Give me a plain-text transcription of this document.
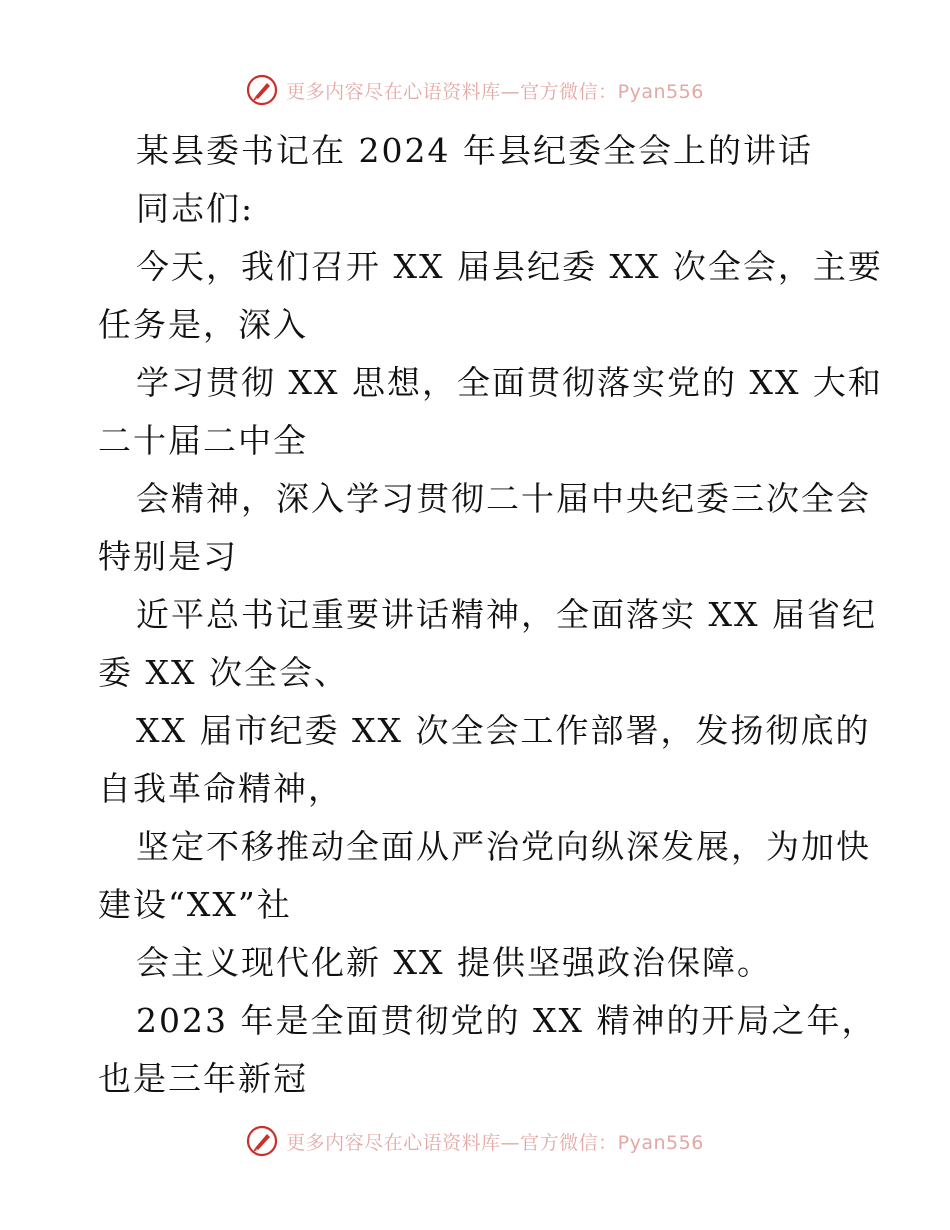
更多内容尽在心语资料库—官方微信：Pyan556
某县委书记在 2024 年县纪委全会上的讲话
同志们:
今天，我们召开 XX 届县纪委 XX 次全会，主要
任务是，深入
学习贯彻 XX 思想，全面贯彻落实党的 XX 大和
二十届二中全
会精神，深入学习贯彻二十届中央纪委三次全会
特别是习
近平总书记重要讲话精神，全面落实 XX 届省纪
委 XX 次全会、
XX 届市纪委 XX 次全会工作部署，发扬彻底的
自我革命精神，
坚定不移推动全面从严治党向纵深发展，为加快
建设“XX”社
会主义现代化新 XX 提供坚强政治保障。
2023 年是全面贯彻党的 XX 精神的开局之年，
也是三年新冠
更多内容尽在心语资料库—官方微信：Pyan556
